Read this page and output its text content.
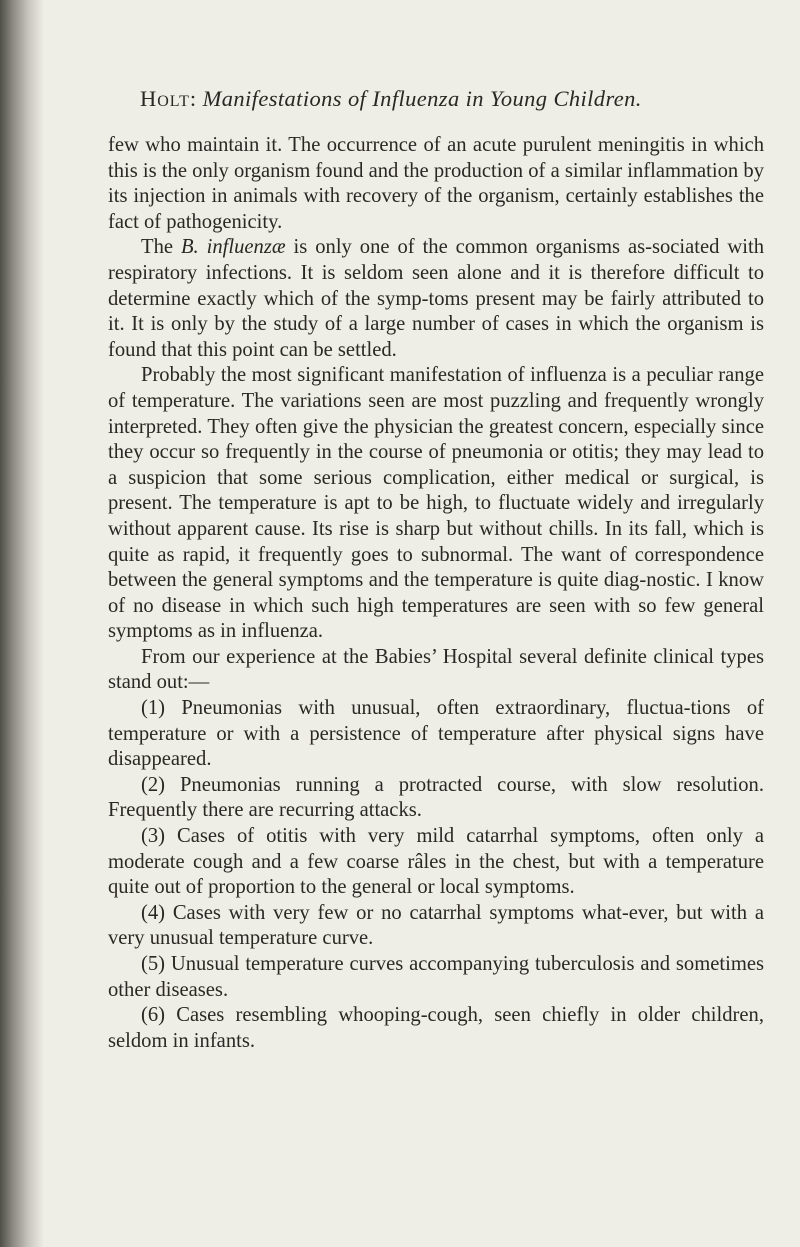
Holt: Manifestations of Influenza in Young Children.

few who maintain it. The occurrence of an acute purulent meningitis in which this is the only organism found and the production of a similar inflammation by its injection in animals with recovery of the organism, certainly establishes the fact of pathogenicity.

The B. influenzæ is only one of the common organisms as-sociated with respiratory infections. It is seldom seen alone and it is therefore difficult to determine exactly which of the symp-toms present may be fairly attributed to it. It is only by the study of a large number of cases in which the organism is found that this point can be settled.

Probably the most significant manifestation of influenza is a peculiar range of temperature. The variations seen are most puzzling and frequently wrongly interpreted. They often give the physician the greatest concern, especially since they occur so frequently in the course of pneumonia or otitis; they may lead to a suspicion that some serious complication, either medical or surgical, is present. The temperature is apt to be high, to fluctuate widely and irregularly without apparent cause. Its rise is sharp but without chills. In its fall, which is quite as rapid, it frequently goes to subnormal. The want of correspondence between the general symptoms and the temperature is quite diag-nostic. I know of no disease in which such high temperatures are seen with so few general symptoms as in influenza.

From our experience at the Babies’ Hospital several definite clinical types stand out:—

(1) Pneumonias with unusual, often extraordinary, fluctua-tions of temperature or with a persistence of temperature after physical signs have disappeared.

(2) Pneumonias running a protracted course, with slow resolution. Frequently there are recurring attacks.

(3) Cases of otitis with very mild catarrhal symptoms, often only a moderate cough and a few coarse râles in the chest, but with a temperature quite out of proportion to the general or local symptoms.

(4) Cases with very few or no catarrhal symptoms what-ever, but with a very unusual temperature curve.

(5) Unusual temperature curves accompanying tuberculosis and sometimes other diseases.

(6) Cases resembling whooping-cough, seen chiefly in older children, seldom in infants.
